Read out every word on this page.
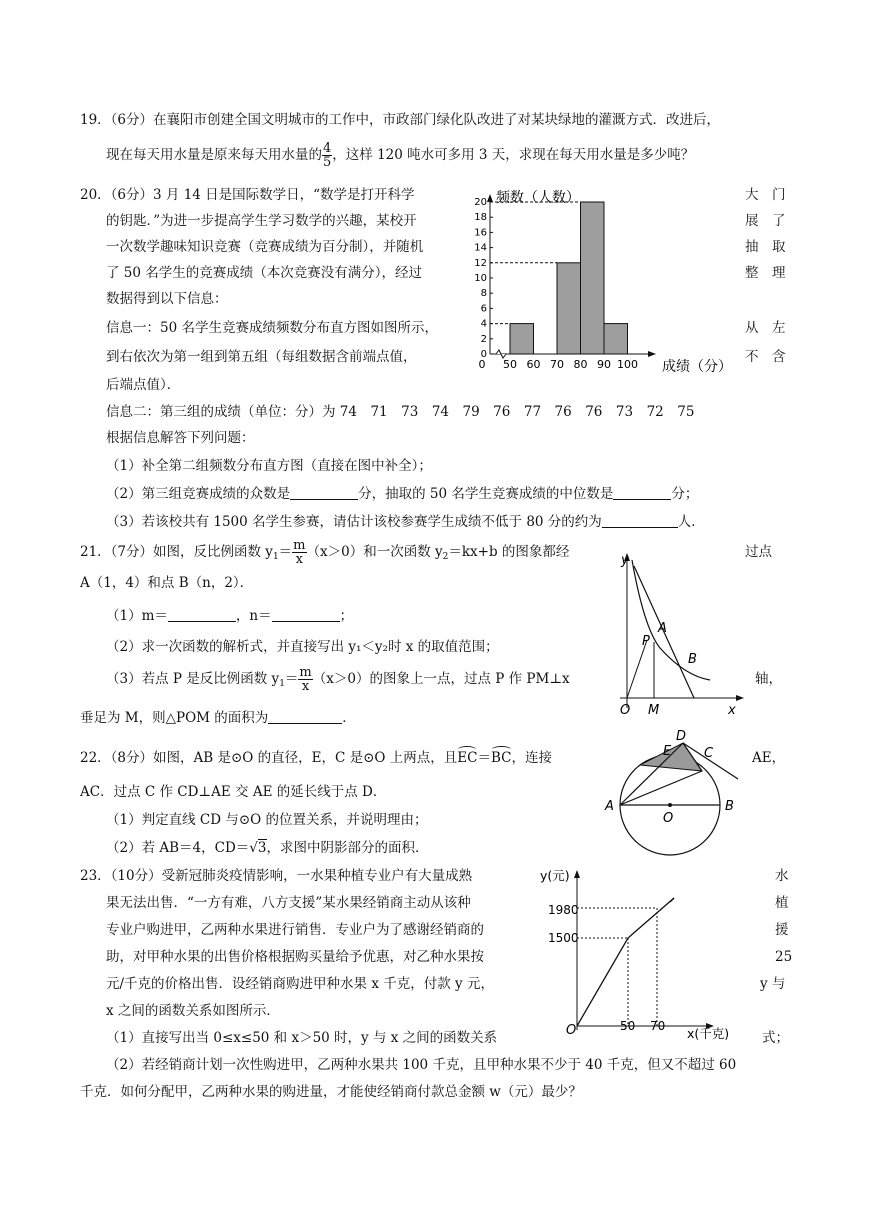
19．（6分）在襄阳市创建全国文明城市的工作中，市政部门绿化队改进了对某块绿地的灌溉方式．改进后，
现在每天用水量是原来每天用水量的 $\frac{4}{5}$ ，这样 120 吨水可多用 3 天，求现在每天用水量是多少吨？
20．（6分）3 月 14 日是国际数学日，“数学是打开科学	大　门
的钥匙．”为进一步提高学生学习数学的兴趣，某校开	展　了
一次数学趣味知识竞赛（竞赛成绩为百分制），并随机	抽　取
了 50 名学生的竞赛成绩（本次竞赛没有满分），经过	整　理
数据得到以下信息：
信息一：50 名学生竞赛成绩频数分布直方图如图所示，	从　左
到右依次为第一组到第五组（每组数据含前端点值，	不　含
后端点值）．
信息二：第三组的成绩（单位：分）为 74　71　73　74　79　76　77　76　76　73　72　75
根据信息解答下列问题：
（1）补全第二组频数分布直方图（直接在图中补全）；
（2）第三组竞赛成绩的众数是	分，抽取的 50 名学生竞赛成绩的中位数是	分；
（3）若该校共有 1500 名学生参赛，请估计该校参赛学生成绩不低于 80 分的约为	人．
频数（人数）
成绩（分）
0
2
4
6
8
10
12
14
16
18
20
0 50 60 70 80 90 100
21．（7分）如图，反比例函数 $y_1= \frac{m}{x} (x>0)$和一次函数 $y_2=kx+b$ 的图象都经	过点
A（1，4）和点 B（n，2）．
（1）m＝	，n＝	；
（2）求一次函数的解析式，并直接写出 y₁＜y₂时 x 的取值范围；
（3）若点 P 是反比例函数 $y_1= \frac{m}{x} (x>0)$的图象上一点，过点 P 作 PM⊥x	轴，
垂足为 M，则△POM 的面积为	．
y
x
O M
A
P
B
22．（8分）如图，AB 是⊙O 的直径，E，C 是⊙O 上两点，且EC＝BC，连接	AE，
AC．过点 C 作 CD⊥AE 交 AE 的延长线于点 D．
（1）判定直线 CD 与⊙O 的位置关系，并说明理由；
（2）若 AB＝4，CD＝√3，求图中阴影部分的面积．
A	B
C
D
E
O
23．（10分）受新冠肺炎疫情影响，一水果种植专业户有大量成熟	水
果无法出售．“一方有难，八方支援”某水果经销商主动从该种	植
专业户购进甲，乙两种水果进行销售．专业户为了感谢经销商的	援
助，对甲种水果的出售价格根据购买量给予优惠，对乙种水果按	25
元/千克的价格出售．设经销商购进甲种水果 x 千克，付款 y 元，	y 与
x 之间的函数关系如图所示．
（1）直接写出当 0≤x≤50 和 x＞50 时，y 与 x 之间的函数关系	式；
（2）若经销商计划一次性购进甲，乙两种水果共 100 千克，且甲种水果不少于 40 千克，但又不超过 60
千克．如何分配甲，乙两种水果的购进量，才能使经销商付款总金额 w（元）最少？
y(元)
x(千克)
O
1980
1500
50 70
